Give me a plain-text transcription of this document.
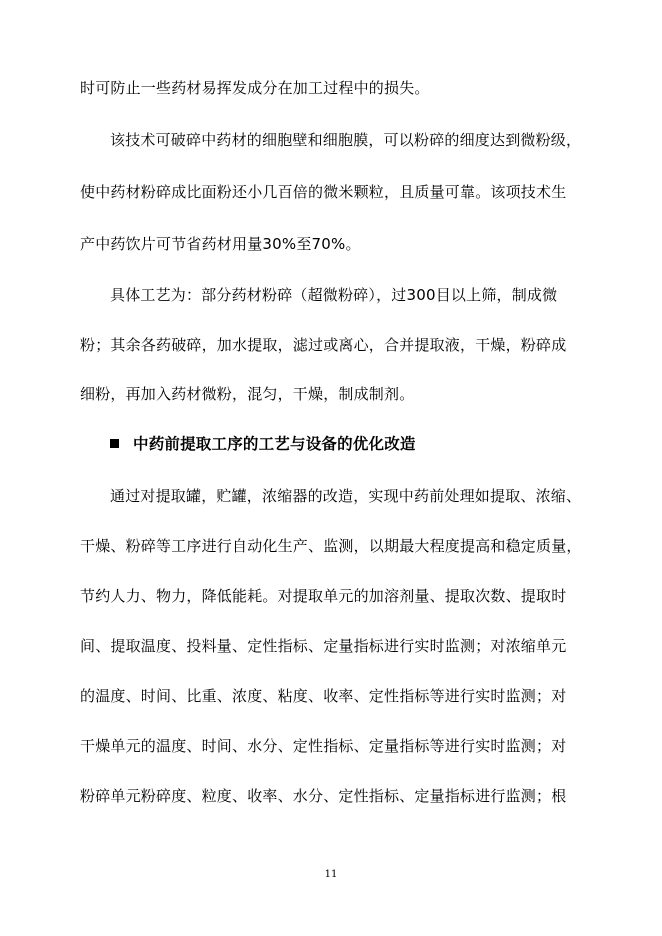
时可防止一些药材易挥发成分在加工过程中的损失。
该技术可破碎中药材的细胞壁和细胞膜，可以粉碎的细度达到微粉级，
使中药材粉碎成比面粉还小几百倍的微米颗粒，且质量可靠。该项技术生
产中药饮片可节省药材用量30%至70%。
具体工艺为：部分药材粉碎（超微粉碎），过300目以上筛，制成微
粉；其余各药破碎，加水提取，滤过或离心，合并提取液，干燥，粉碎成
细粉，再加入药材微粉，混匀，干燥，制成制剂。
中药前提取工序的工艺与设备的优化改造
通过对提取罐，贮罐，浓缩器的改造，实现中药前处理如提取、浓缩、
干燥、粉碎等工序进行自动化生产、监测，以期最大程度提高和稳定质量，
节约人力、物力，降低能耗。对提取单元的加溶剂量、提取次数、提取时
间、提取温度、投料量、定性指标、定量指标进行实时监测；对浓缩单元
的温度、时间、比重、浓度、粘度、收率、定性指标等进行实时监测；对
干燥单元的温度、时间、水分、定性指标、定量指标等进行实时监测；对
粉碎单元粉碎度、粒度、收率、水分、定性指标、定量指标进行监测；根
11
